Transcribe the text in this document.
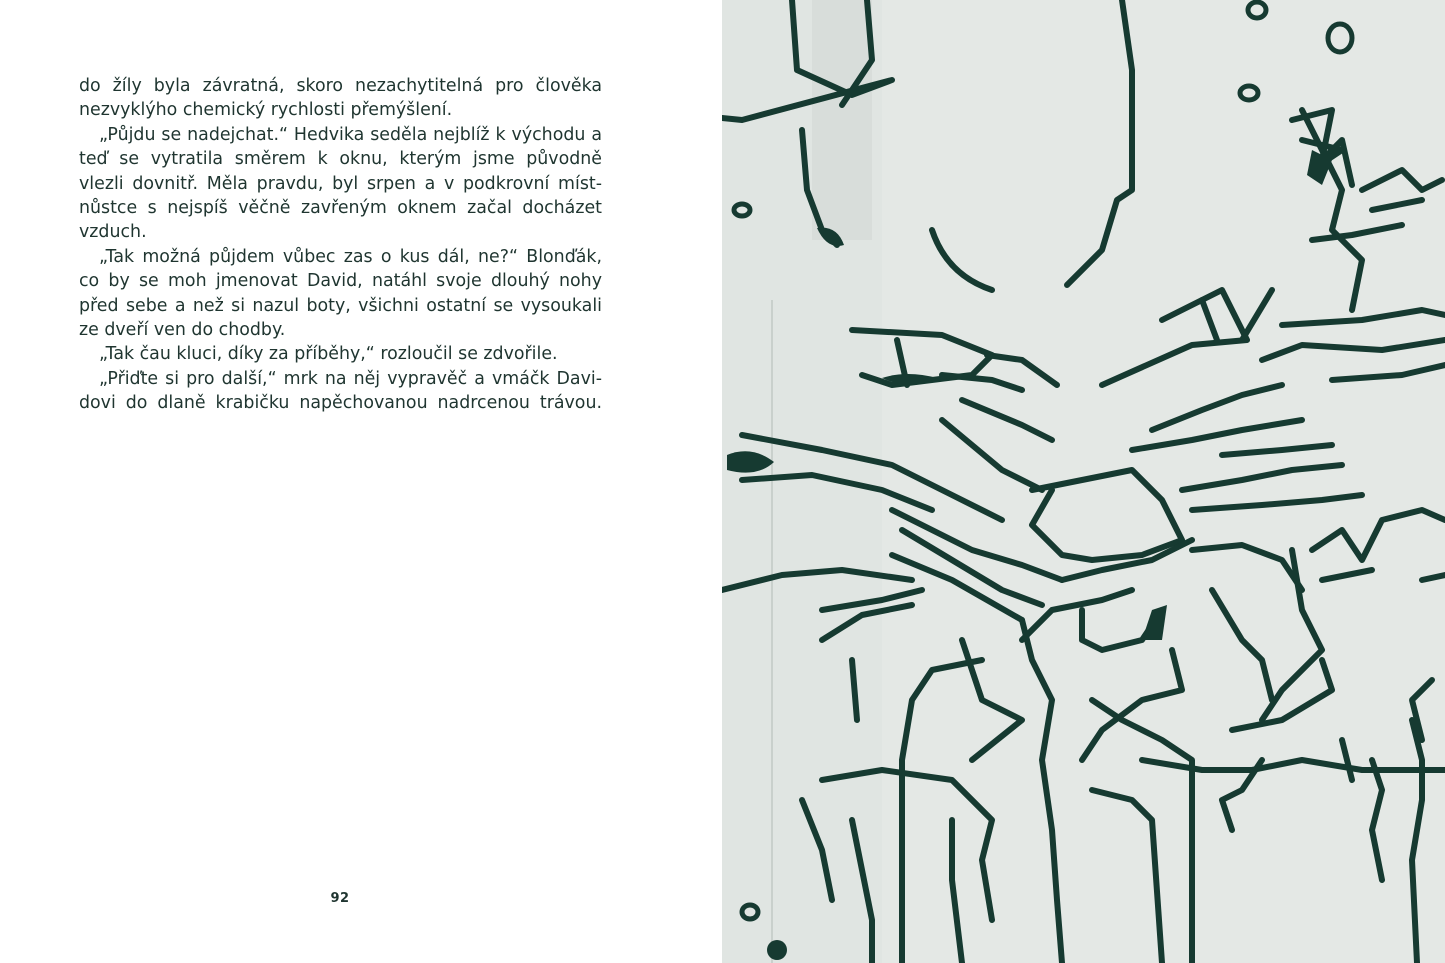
do žíly byla závratná, skoro nezachytitelná pro člověka nezvyklýho chemický rychlosti přemýšlení.

„Půjdu se nadejchat.“ Hedvika seděla nejblíž k východu a teď se vytratila směrem k oknu, kterým jsme původně vlezli dovnitř. Měla pravdu, byl srpen a v podkrovní místnůstce s nejspíš věčně zavřeným oknem začal docházet vzduch.

„Tak možná půjdem vůbec zas o kus dál, ne?“ Blonďák, co by se moh jmenovat David, natáhl svoje dlouhý nohy před sebe a než si nazul boty, všichni ostatní se vysoukali ze dveří ven do chodby.

„Tak čau kluci, díky za příběhy,“ rozloučil se zdvořile.

„Přiďte si pro další,“ mrk na něj vypravěč a vmáčk Davidovi do dlaně krabičku napěchovanou nadrcenou trávou.

92
